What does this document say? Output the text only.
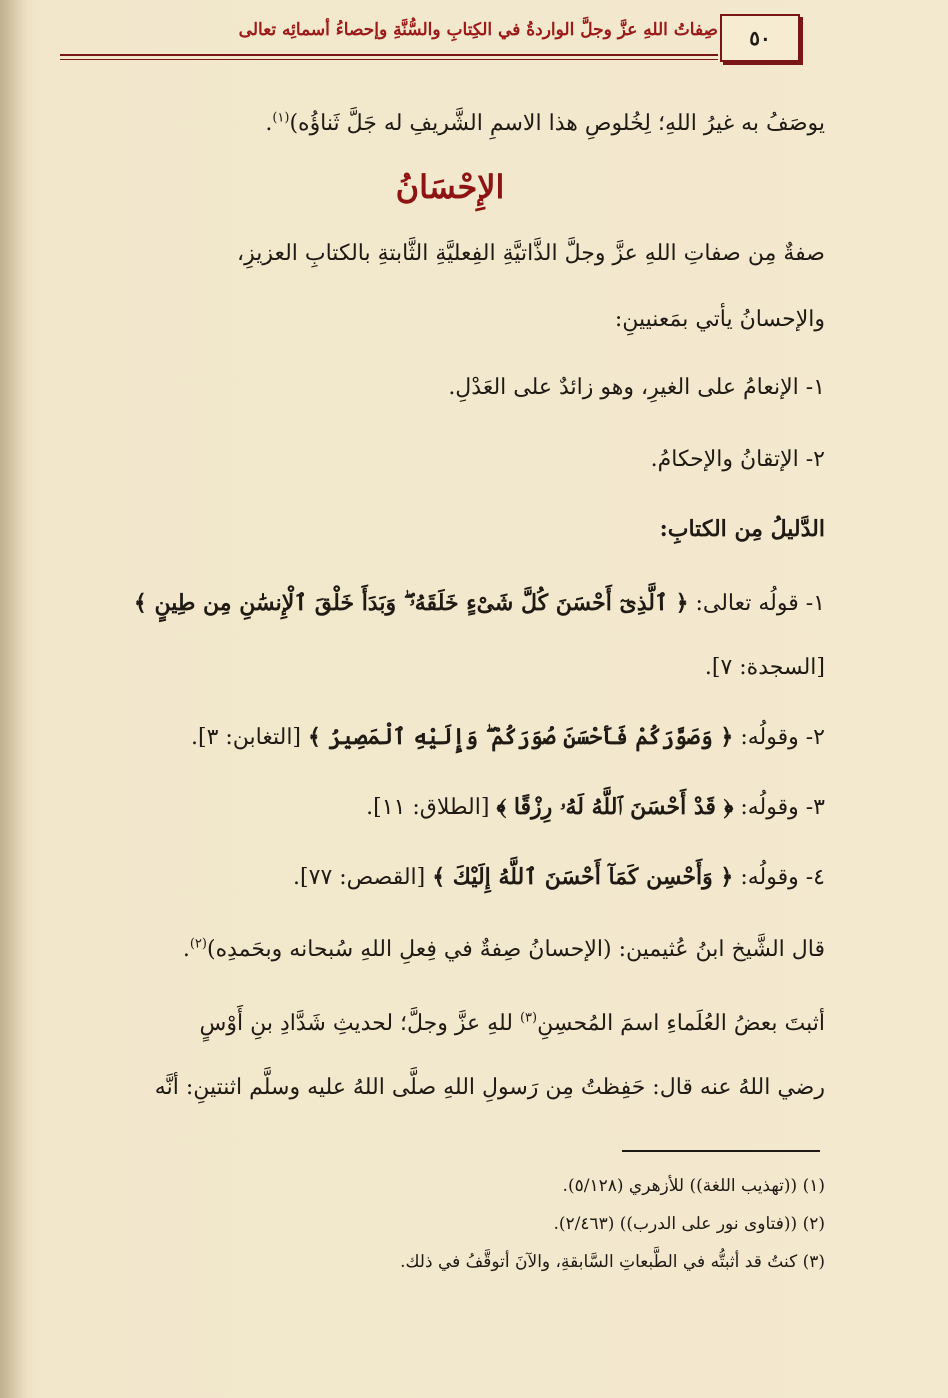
صِفاتُ اللهِ عزَّ وجلَّ الواردةُ في الكِتابِ والسُّنَّةِ وإحصاءُ أسمائِه تعالى	٥٠
يوصَفُ به غيرُ اللهِ؛ لِخُلوصِ هذا الاسمِ الشَّريفِ له جَلَّ ثَناؤُه)$^{(١)}$.
الإِحْسَانُ
صفةٌ مِن صفاتِ اللهِ عزَّ وجلَّ الذَّاتيَّةِ الفِعليَّةِ الثَّابتةِ بالكتابِ العزيزِ،
والإحسانُ يأتي بمَعنيينِ:
١- الإنعامُ على الغيرِ، وهو زائدٌ على العَدْلِ.
٢- الإتقانُ والإحكامُ.
الدَّليلُ مِن الكتابِ:
١- قولُه تعالى: ﴿ ٱلَّذِىٓ أَحْسَنَ كُلَّ شَىْءٍ خَلَقَهُۥ ۖ وَبَدَأَ خَلْقَ ٱلْإِنسَٰنِ مِن طِينٍ ﴾
[السجدة: ٧].
٢- وقولُه: ﴿ وَصَوَّرَكُمْ فَأَحْسَنَ صُوَرَكُمْ ۖ وَإِلَيْهِ ٱلْمَصِيرُ ﴾ [التغابن: ٣].
٣- وقولُه: ﴿ قَدْ أَحْسَنَ ٱللَّهُ لَهُۥ رِزْقًا ﴾ [الطلاق: ١١].
٤- وقولُه: ﴿ وَأَحْسِن كَمَآ أَحْسَنَ ٱللَّهُ إِلَيْكَ ﴾ [القصص: ٧٧].
قال الشَّيخ ابنُ عُثيمين: (الإحسانُ صِفةٌ في فِعلِ اللهِ سُبحانه وبحَمدِه)$^{(٢)}$.
أثبتَ بعضُ العُلَماءِ اسمَ المُحسِنِ$^{(٣)}$ للهِ عزَّ وجلَّ؛ لحديثِ شَدَّادِ بنِ أَوْسٍ
رضي اللهُ عنه قال: حَفِظتُ مِن رَسولِ اللهِ صلَّى اللهُ عليه وسلَّم اثنتينِ: أنَّه
(١) ((تهذيب اللغة)) للأزهري (٥/١٢٨).
(٢) ((فتاوى نور على الدرب)) (٢/٤٦٣).
(٣) كنتُ قد أثبتُّه في الطَّبعاتِ السَّابقةِ، والآنَ أتوقَّفُ في ذلك.
